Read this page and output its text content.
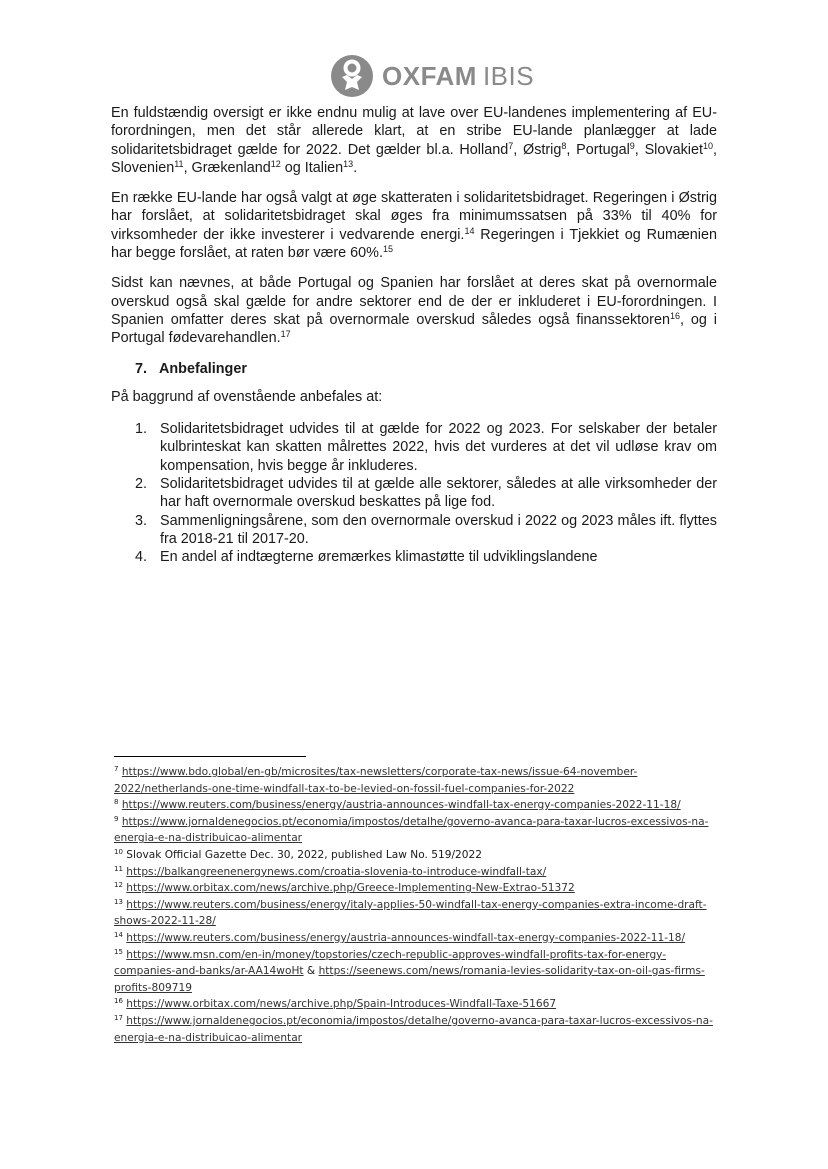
OXFAM IBIS

En fuldstændig oversigt er ikke endnu mulig at lave over EU-landenes implementering af EU-forordningen, men det står allerede klart, at en stribe EU-lande planlægger at lade solidaritetsbidraget gælde for 2022. Det gælder bl.a. Holland$^7$, Østrig$^8$, Portugal$^9$, Slovakiet$^{10}$, Slovenien$^{11}$, Grækenland$^{12}$ og Italien$^{13}$.

En række EU-lande har også valgt at øge skatteraten i solidaritetsbidraget. Regeringen i Østrig har forslået, at solidaritetsbidraget skal øges fra minimumssatsen på 33% til 40% for virksomheder der ikke investerer i vedvarende energi.$^{14}$ Regeringen i Tjekkiet og Rumænien har begge forslået, at raten bør være 60%.$^{15}$

Sidst kan nævnes, at både Portugal og Spanien har forslået at deres skat på overnormale overskud også skal gælde for andre sektorer end de der er inkluderet i EU-forordningen. I Spanien omfatter deres skat på overnormale overskud således også finanssektoren$^{16}$, og i Portugal fødevarehandlen.$^{17}$

7. Anbefalinger

På baggrund af ovenstående anbefales at:

1. Solidaritetsbidraget udvides til at gælde for 2022 og 2023. For selskaber der betaler kulbrinteskat kan skatten målrettes 2022, hvis det vurderes at det vil udløse krav om kompensation, hvis begge år inkluderes.
2. Solidaritetsbidraget udvides til at gælde alle sektorer, således at alle virksomheder der har haft overnormale overskud beskattes på lige fod.
3. Sammenligningsårene, som den overnormale overskud i 2022 og 2023 måles ift. flyttes fra 2018-21 til 2017-20.
4. En andel af indtægterne øremærkes klimastøtte til udviklingslandene
$^7$ https://www.bdo.global/en-gb/microsites/tax-newsletters/corporate-tax-news/issue-64-november-2022/netherlands-one-time-windfall-tax-to-be-levied-on-fossil-fuel-companies-for-2022
$^8$ https://www.reuters.com/business/energy/austria-announces-windfall-tax-energy-companies-2022-11-18/
$^9$ https://www.jornaldenegocios.pt/economia/impostos/detalhe/governo-avanca-para-taxar-lucros-excessivos-na-energia-e-na-distribuicao-alimentar
$^{10}$ Slovak Official Gazette Dec. 30, 2022, published Law No. 519/2022
$^{11}$ https://balkangreenenergynews.com/croatia-slovenia-to-introduce-windfall-tax/
$^{12}$ https://www.orbitax.com/news/archive.php/Greece-Implementing-New-Extrao-51372
$^{13}$ https://www.reuters.com/business/energy/italy-applies-50-windfall-tax-energy-companies-extra-income-draft-shows-2022-11-28/
$^{14}$ https://www.reuters.com/business/energy/austria-announces-windfall-tax-energy-companies-2022-11-18/
$^{15}$ https://www.msn.com/en-in/money/topstories/czech-republic-approves-windfall-profits-tax-for-energy-companies-and-banks/ar-AA14woHt & https://seenews.com/news/romania-levies-solidarity-tax-on-oil-gas-firms-profits-809719
$^{16}$ https://www.orbitax.com/news/archive.php/Spain-Introduces-Windfall-Taxe-51667
$^{17}$ https://www.jornaldenegocios.pt/economia/impostos/detalhe/governo-avanca-para-taxar-lucros-excessivos-na-energia-e-na-distribuicao-alimentar
